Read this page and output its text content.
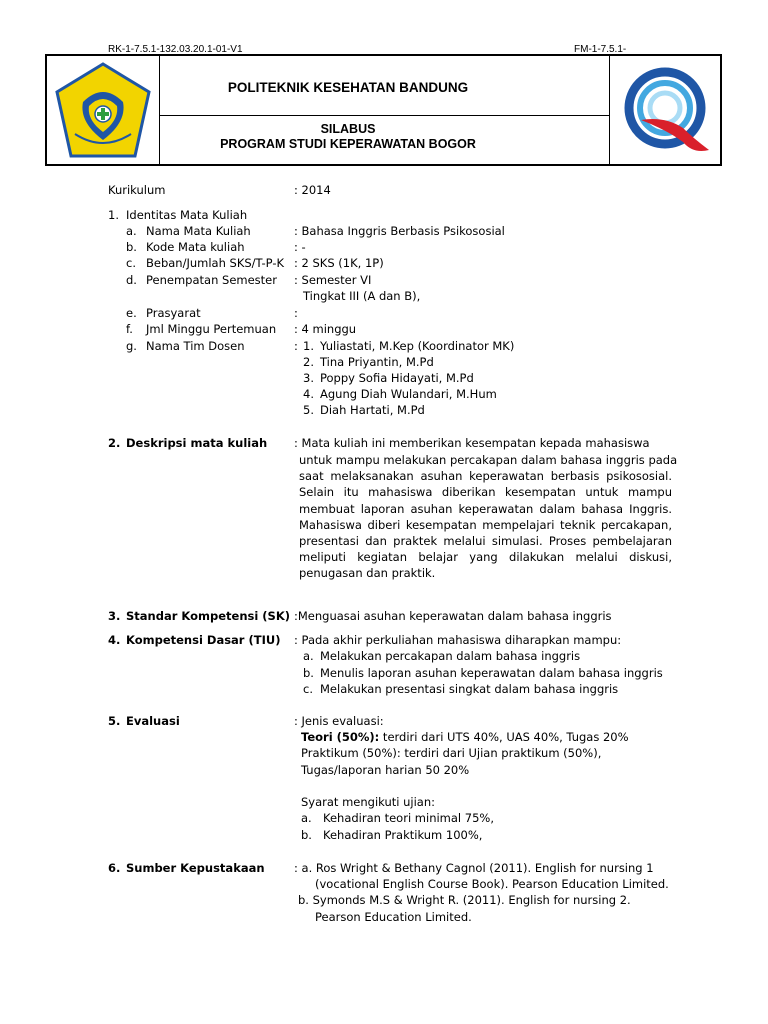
RK-1-7.5.1-132.03.20.1-01-V1	FM-1-7.5.1-
POLITEKNIK KESEHATAN BANDUNG
SILABUS
PROGRAM STUDI KEPERAWATAN BOGOR
Kurikulum	: 2014
1. Identitas Mata Kuliah
a. Nama Mata Kuliah	: Bahasa Inggris Berbasis Psikososial
b. Kode Mata kuliah	: -
c. Beban/Jumlah SKS/T-P-K : 2 SKS (1K, 1P)
d. Penempatan Semester : Semester VI
Tingkat III (A dan B),
e. Prasyarat	:
f. Jml Minggu Pertemuan : 4 minggu
g. Nama Tim Dosen	: 1. Yuliastati, M.Kep (Koordinator MK)
2. Tina Priyantin, M.Pd
3. Poppy Sofia Hidayati, M.Pd
4. Agung Diah Wulandari, M.Hum
5. Diah Hartati, M.Pd
2. Deskripsi mata kuliah : Mata kuliah ini memberikan kesempatan kepada mahasiswa
untuk mampu melakukan percakapan dalam bahasa inggris pada
saat melaksanakan asuhan keperawatan berbasis psikososial.
Selain itu mahasiswa diberikan kesempatan untuk mampu
membuat laporan asuhan keperawatan dalam bahasa Inggris.
Mahasiswa diberi kesempatan mempelajari teknik percakapan,
presentasi dan praktek melalui simulasi. Proses pembelajaran
meliputi kegiatan belajar yang dilakukan melalui diskusi,
penugasan dan praktik.
3. Standar Kompetensi (SK) :Menguasai asuhan keperawatan dalam bahasa inggris
4. Kompetensi Dasar (TIU) : Pada akhir perkuliahan mahasiswa diharapkan mampu:
a. Melakukan percakapan dalam bahasa inggris
b. Menulis laporan asuhan keperawatan dalam bahasa inggris
c. Melakukan presentasi singkat dalam bahasa inggris
5. Evaluasi	: Jenis evaluasi:
Teori (50%): terdiri dari UTS 40%, UAS 40%, Tugas 20%
Praktikum (50%): terdiri dari Ujian praktikum (50%),
Tugas/laporan harian 50 20%
Syarat mengikuti ujian:
a. Kehadiran teori minimal 75%,
b. Kehadiran Praktikum 100%,
6. Sumber Kepustakaan	: a. Ros Wright & Bethany Cagnol (2011). English for nursing 1
(vocational English Course Book). Pearson Education Limited.
b. Symonds M.S & Wright R. (2011). English for nursing 2.
Pearson Education Limited.
